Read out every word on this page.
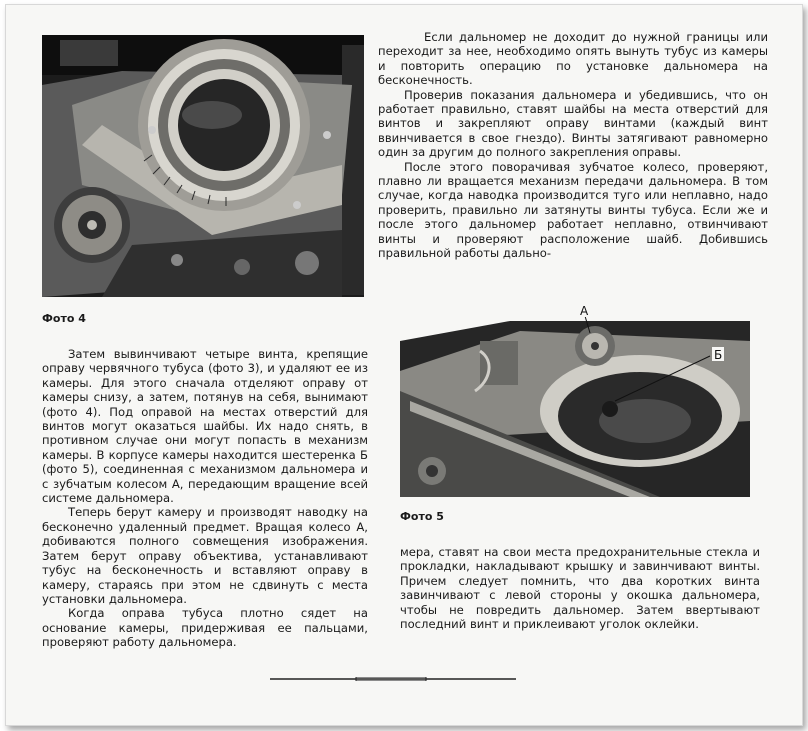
Фото 4

Если дальномер не доходит до нужной границы или переходит за нее, необходимо опять вынуть тубус из камеры и повторить операцию по установке дальномера на бесконечность.

Проверив показания дальномера и убедившись, что он работает правильно, ставят шайбы на места отверстий для винтов и закрепляют оправу винтами (каждый винт ввинчивается в свое гнездо). Винты затягивают равномерно один за другим до полного закрепления оправы.

После этого поворачивая зубчатое колесо, проверяют, плавно ли вращается механизм передачи дальномера. В том случае, когда наводка производится туго или неплавно, надо проверить, правильно ли затянуты винты тубуса. Если же и после этого дальномер работает неплавно, отвинчивают винты и проверяют расположение шайб. Добившись правильной работы дально-

Затем вывинчивают четыре винта, крепящие оправу червячного тубуса (фото 3), и удаляют ее из камеры. Для этого сначала отделяют оправу от камеры снизу, а затем, потянув на себя, вынимают (фото 4). Под оправой на местах отверстий для винтов могут оказаться шайбы. Их надо снять, в противном случае они могут попасть в механизм камеры. В корпусе камеры находится шестеренка Б (фото 5), соединенная с механизмом дальномера и с зубчатым колесом А, передающим вращение всей системе дальномера.

Теперь берут камеру и производят наводку на бесконечно удаленный предмет. Вращая колесо А, добиваются полного совмещения изображения. Затем берут оправу объектива, устанавливают тубус на бесконечность и вставляют оправу в камеру, стараясь при этом не сдвинуть с места установки дальномера.

Когда оправа тубуса плотно сядет на основание камеры, придерживая ее пальцами, проверяют работу дальномера.

А
Б
Фото 5

мера, ставят на свои места предохранительные стекла и прокладки, накладывают крышку и завинчивают винты. Причем следует помнить, что два коротких винта завинчивают с левой стороны у окошка дальномера, чтобы не повредить дальномер. Затем ввертывают последний винт и приклеивают уголок оклейки.
